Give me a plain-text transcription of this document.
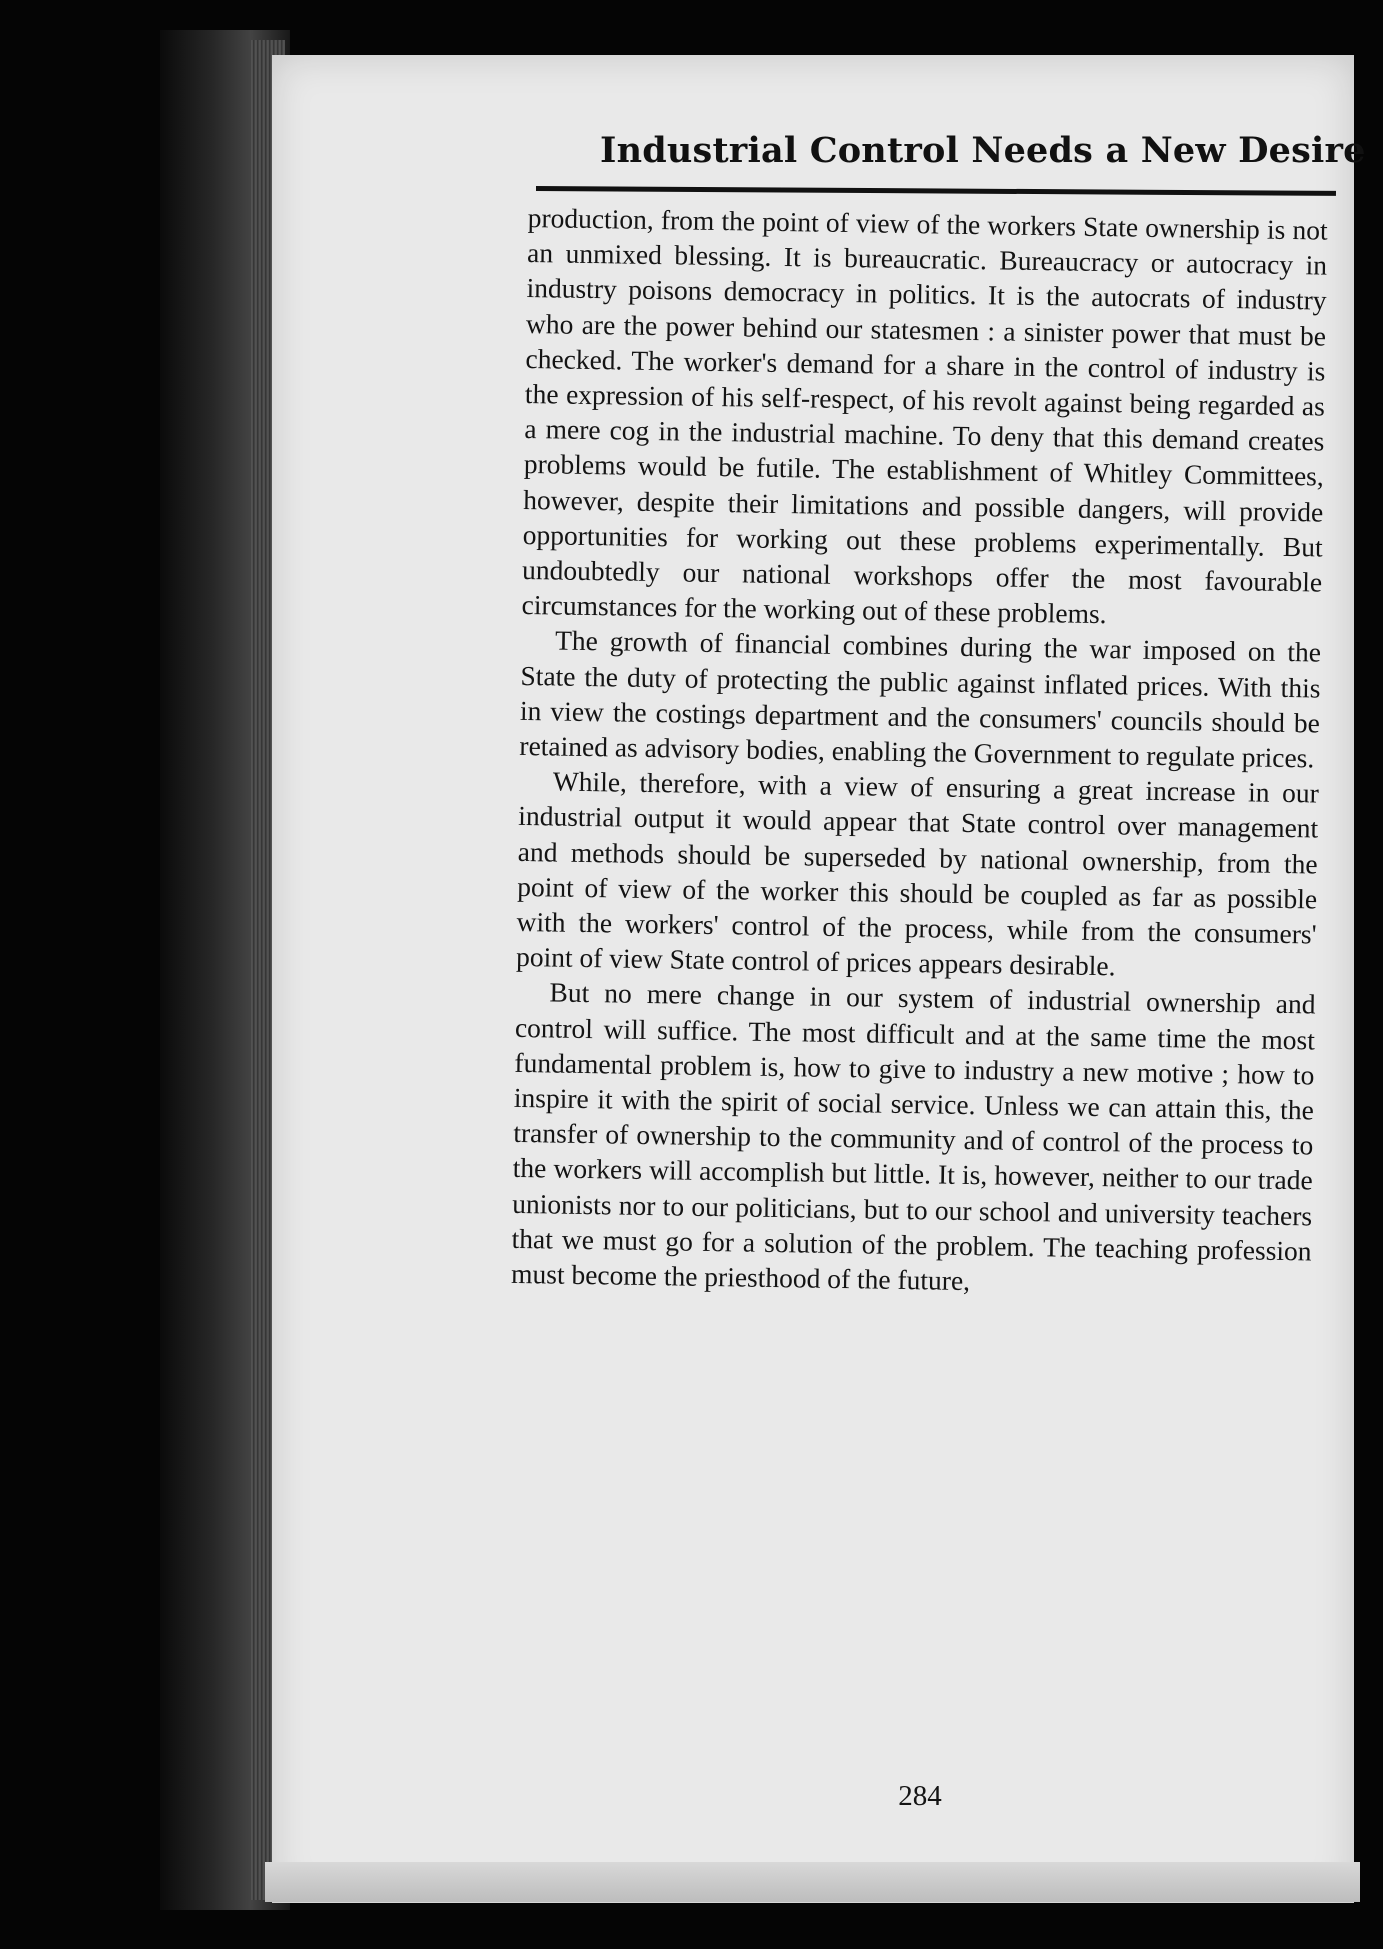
Industrial Control Needs a New Desire

production, from the point of view of the workers State ownership is not an unmixed blessing. It is bureaucratic. Bureaucracy or autocracy in industry poisons democracy in politics. It is the autocrats of industry who are the power behind our statesmen : a sinister power that must be checked. The worker's demand for a share in the control of industry is the expression of his self-respect, of his revolt against being regarded as a mere cog in the industrial machine. To deny that this demand creates problems would be futile. The establishment of Whitley Committees, however, despite their limitations and possible dangers, will provide opportunities for working out these problems experimentally. But undoubtedly our national workshops offer the most favourable circumstances for the working out of these problems.

The growth of financial combines during the war imposed on the State the duty of protecting the public against inflated prices. With this in view the costings department and the consumers' councils should be retained as advisory bodies, enabling the Government to regulate prices.

While, therefore, with a view of ensuring a great increase in our industrial output it would appear that State control over management and methods should be superseded by national ownership, from the point of view of the worker this should be coupled as far as possible with the workers' control of the process, while from the consumers' point of view State control of prices appears desirable.

But no mere change in our system of industrial ownership and control will suffice. The most difficult and at the same time the most fundamental problem is, how to give to industry a new motive ; how to inspire it with the spirit of social service. Unless we can attain this, the transfer of ownership to the community and of control of the process to the workers will accomplish but little. It is, however, neither to our trade unionists nor to our politicians, but to our school and university teachers that we must go for a solution of the problem. The teaching profession must become the priesthood of the future,

284
